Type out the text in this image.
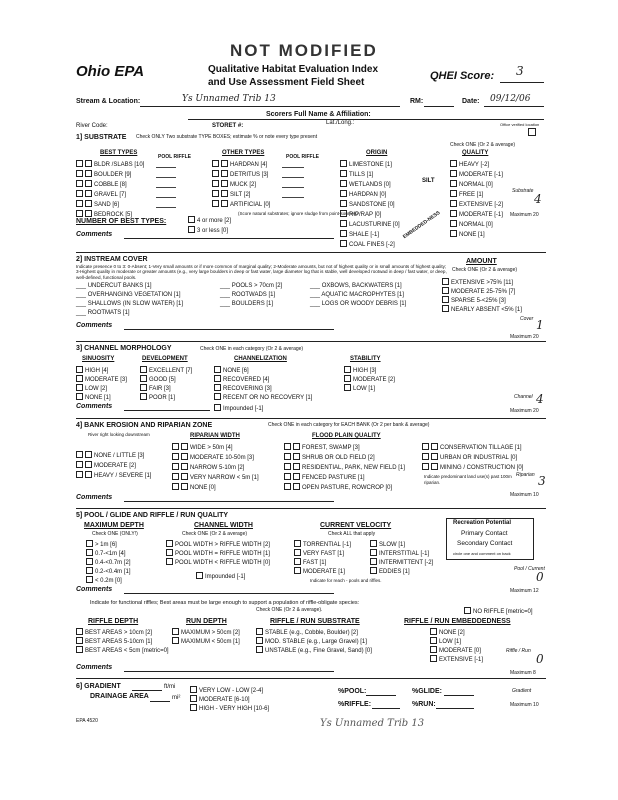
NOT MODIFIED
Ohio EPA	Qualitative Habitat Evaluation Index
and Use Assessment Field Sheet
QHEI Score: 3
Stream & Location:	Ys Unnamed Trib 13	RM:	Date: 09/12/06
Scorers Full Name & Affiliation:
River Code:	STORET #:	Lat./Long.:	Office verified location
1] SUBSTRATE Check ONLY Two substrate TYPE BOXES; estimate % or note every type present
Check ONE (Or 2 & average)
BEST TYPES
POOL RIFFLE
OTHER TYPES
POOL RIFFLE
ORIGIN	QUALITY
BLDR /SLABS [10]
BOULDER [9]
COBBLE [8]
GRAVEL [7]
SAND [6]
BEDROCK [5]
HARDPAN [4]
DETRITUS [3]
MUCK [2]
SILT [2]
ARTIFICIAL [0]
(Score natural substrates; ignore sludge from point-sources)
LIMESTONE [1]
TILLS [1]
WETLANDS [0]
HARDPAN [0]
SANDSTONE [0]
RIP/RAP [0]
LACUSTURINE [0]
SHALE [-1]
COAL FINES [-2]
SILT
EMBEDDED-NESS
HEAVY [-2]
MODERATE [-1]
NORMAL [0]
FREE [1]
EXTENSIVE [-2]
MODERATE [-1]
NORMAL [0]
NONE [1]
Substrate
4
Maximum 20
NUMBER OF BEST TYPES:	4 or more [2]
3 or less [0]
Comments
2] INSTREAM COVER
Indicate presence 0 to 3: 0-Absent; 1-Very small amounts or if more common of marginal quality; 2-Moderate amounts, but not of highest quality or in small amounts of highest quality; 3-Highest quality in moderate or greater amounts (e.g., very large boulders in deep or fast water, large diameter log that is stable, well developed rootwad in deep / fast water, or deep, well-defined, functional pools.
AMOUNT
Check ONE (Or 2 & average)
___ UNDERCUT BANKS [1]
___ OVERHANGING VEGETATION [1]
___ SHALLOWS (IN SLOW WATER) [1]
___ ROOTMATS [1]
___ POOLS > 70cm [2]
___ ROOTWADS [1]
___ BOULDERS [1]
___ OXBOWS, BACKWATERS [1]
___ AQUATIC MACROPHYTES [1]
___ LOGS OR WOODY DEBRIS [1]
EXTENSIVE >75% [11]
MODERATE 25-75% [7]
SPARSE 5-<25% [3]
NEARLY ABSENT <5% [1]
Cover 1
Maximum 20
Comments
3] CHANNEL MORPHOLOGY	Check ONE in each category (Or 2 & average)
SINUOSITY	DEVELOPMENT	CHANNELIZATION	STABILITY
HIGH [4]
MODERATE [3]
LOW [2]
NONE [1]
EXCELLENT [7]
GOOD [5]
FAIR [3]
POOR [1]
NONE [6]
RECOVERED [4]
RECOVERING [3]
RECENT OR NO RECOVERY [1]
Impounded [-1]
HIGH [3]
MODERATE [2]
LOW [1]
Channel 4
Maximum 20
Comments
4] BANK EROSION AND RIPARIAN ZONE	Check ONE in each category for EACH BANK (Or 2 per bank & average)
River right looking downstream	RIPARIAN WIDTH	FLOOD PLAIN QUALITY
NONE / LITTLE [3]
MODERATE [2]
HEAVY / SEVERE [1]
WIDE > 50m [4]
MODERATE 10-50m [3]
NARROW 5-10m [2]
VERY NARROW < 5m [1]
NONE [0]
FOREST, SWAMP [3]
SHRUB OR OLD FIELD [2]
RESIDENTIAL, PARK, NEW FIELD [1]
FENCED PASTURE [1]
OPEN PASTURE, ROWCROP [0]
CONSERVATION TILLAGE [1]
URBAN OR INDUSTRIAL [0]
MINING / CONSTRUCTION [0]
Indicate predominant land use(s) past 100m riparian.
Riparian 3
Maximum 10
Comments
5] POOL / GLIDE AND RIFFLE / RUN QUALITY
MAXIMUM DEPTH
Check ONE (ONLY!)
> 1m [6]
0.7-<1m [4]
0.4-<0.7m [2]
0.2-<0.4m [1]
< 0.2m [0]
CHANNEL WIDTH
Check ONE (Or 2 & average)
POOL WIDTH > RIFFLE WIDTH [2]
POOL WIDTH = RIFFLE WIDTH [1]
POOL WIDTH < RIFFLE WIDTH [0]
Impounded [-1]
CURRENT VELOCITY
Check ALL that apply
TORRENTIAL [-1]
VERY FAST [1]
FAST [1]
MODERATE [1]
SLOW [1]
INTERSTITIAL [-1]
INTERMITTENT [-2]
EDDIES [1]
Indicate for reach - pools and riffles.
Recreation Potential
Primary Contact
Secondary Contact
circle one and comment on back
Pool / Current
0
Maximum 12
Comments
Indicate for functional riffles; Best areas must be large enough to support a population of riffle-obligate species:
Check ONE (Or 2 & average).	NO RIFFLE [metric=0]
RIFFLE DEPTH
BEST AREAS > 10cm [2]
BEST AREAS 5-10cm [1]
BEST AREAS < 5cm [metric=0]
RUN DEPTH
MAXIMUM > 50cm [2]
MAXIMUM < 50cm [1]
RIFFLE / RUN SUBSTRATE
STABLE (e.g., Cobble, Boulder) [2]
MOD. STABLE (e.g., Large Gravel) [1]
UNSTABLE (e.g., Fine Gravel, Sand) [0]
RIFFLE / RUN EMBEDDEDNESS
NONE [2]
LOW [1]
MODERATE [0]
EXTENSIVE [-1]
Riffle / Run
0
Maximum 8
Comments
6] GRADIENT	ft/mi
DRAINAGE AREA	mi²
VERY LOW - LOW [2-4]
MODERATE [6-10]
HIGH - VERY HIGH [10-6]
%POOL:	%GLIDE:
%RIFFLE:	%RUN:
Gradient
Maximum 10
EPA 4520	Ys Unnamed Trib 13
